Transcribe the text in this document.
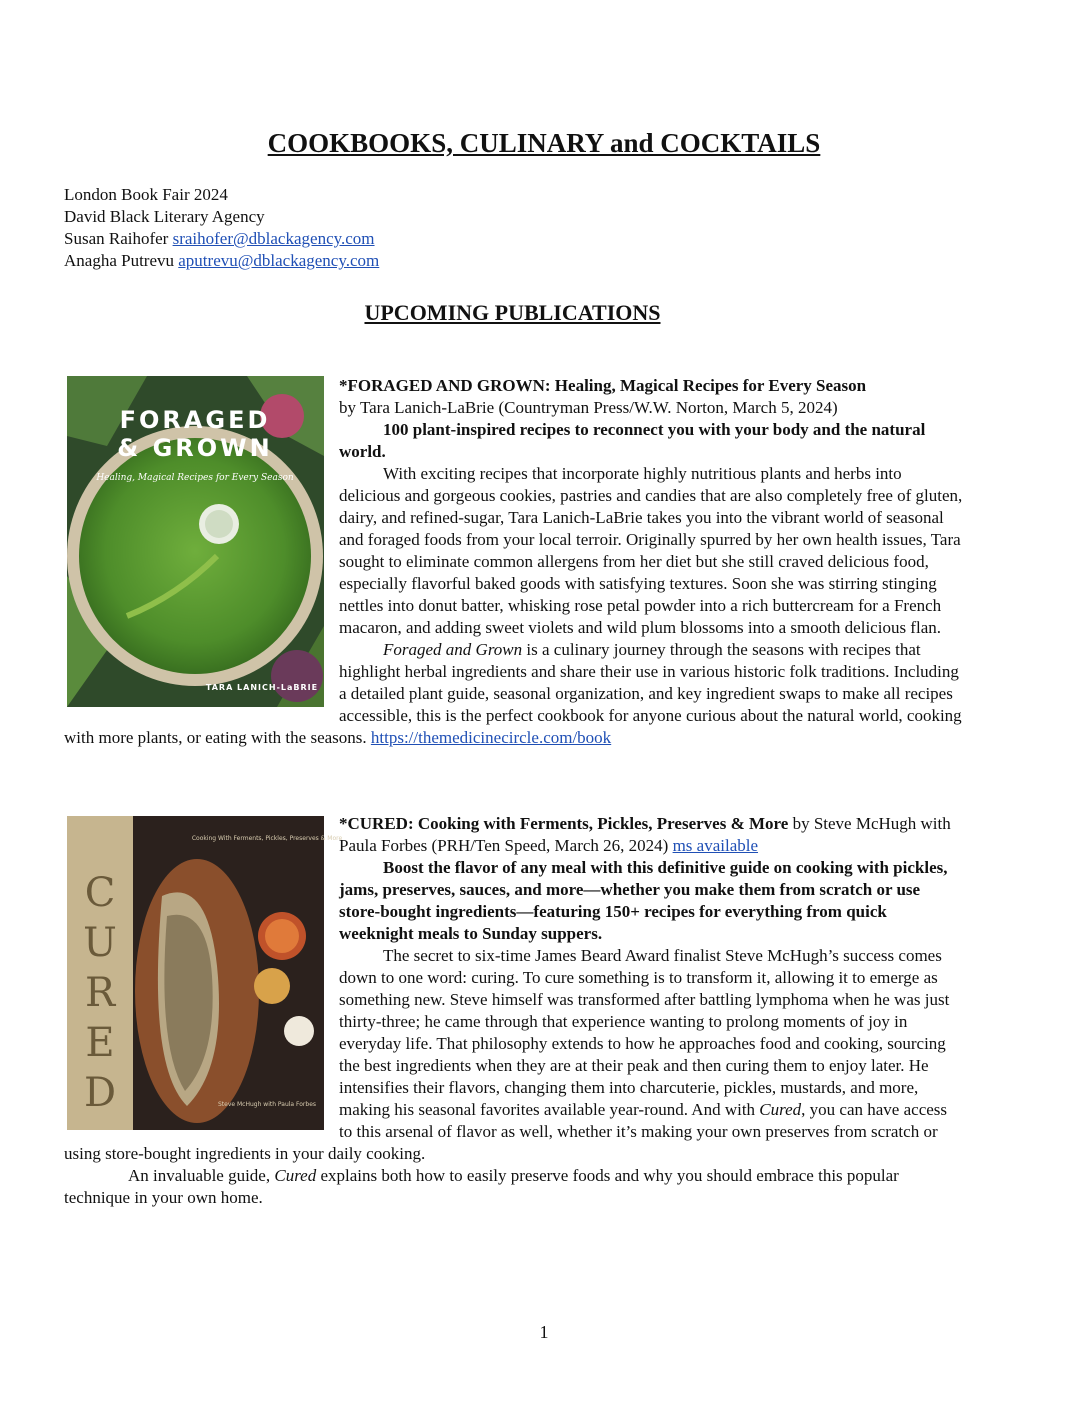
COOKBOOKS, CULINARY and COCKTAILS
London Book Fair 2024
David Black Literary Agency
Susan Raihofer sraihofer@dblackagency.com
Anagha Putrevu aputrevu@dblackagency.com
UPCOMING PUBLICATIONS
FORAGED
& GROWN
Healing, Magical Recipes for Every Season
TARA LANICH-LaBRIE

*FORAGED AND GROWN: Healing, Magical Recipes for Every Season
by Tara Lanich-LaBrie (Countryman Press/W.W. Norton, March 5, 2024)

100 plant-inspired recipes to reconnect you with your body and the natural world.

With exciting recipes that incorporate highly nutritious plants and herbs into delicious and gorgeous cookies, pastries and candies that are also completely free of gluten, dairy, and refined-sugar, Tara Lanich-LaBrie takes you into the vibrant world of seasonal and foraged foods from your local terroir. Originally spurred by her own health issues, Tara sought to eliminate common allergens from her diet but she still craved delicious food, especially flavorful baked goods with satisfying textures. Soon she was stirring stinging nettles into donut batter, whisking rose petal powder into a rich buttercream for a French macaron, and adding sweet violets and wild plum blossoms into a smooth delicious flan.

Foraged and Grown is a culinary journey through the seasons with recipes that highlight herbal ingredients and share their use in various historic folk traditions. Including a detailed plant guide, seasonal organization, and key ingredient swaps to make all recipes accessible, this is the perfect cookbook for anyone curious about the natural world, cooking with more plants, or eating with the seasons. https://themedicinecircle.com/book

C
U
R
E
D
Cooking With Ferments, Pickles, Preserves & More
Steve McHugh with Paula Forbes

*CURED: Cooking with Ferments, Pickles, Preserves & More by Steve McHugh with Paula Forbes (PRH/Ten Speed, March 26, 2024) ms available

Boost the flavor of any meal with this definitive guide on cooking with pickles, jams, preserves, sauces, and more—whether you make them from scratch or use store-bought ingredients—featuring 150+ recipes for everything from quick weeknight meals to Sunday suppers.

The secret to six-time James Beard Award finalist Steve McHugh’s success comes down to one word: curing. To cure something is to transform it, allowing it to emerge as something new. Steve himself was transformed after battling lymphoma when he was just thirty-three; he came through that experience wanting to prolong moments of joy in everyday life. That philosophy extends to how he approaches food and cooking, sourcing the best ingredients when they are at their peak and then curing them to enjoy later. He intensifies their flavors, changing them into charcuterie, pickles, mustards, and more, making his seasonal favorites available year-round. And with Cured, you can have access to this arsenal of flavor as well, whether it’s making your own preserves from scratch or using store-bought ingredients in your daily cooking.

An invaluable guide, Cured explains both how to easily preserve foods and why you should embrace this popular technique in your own home.

1
